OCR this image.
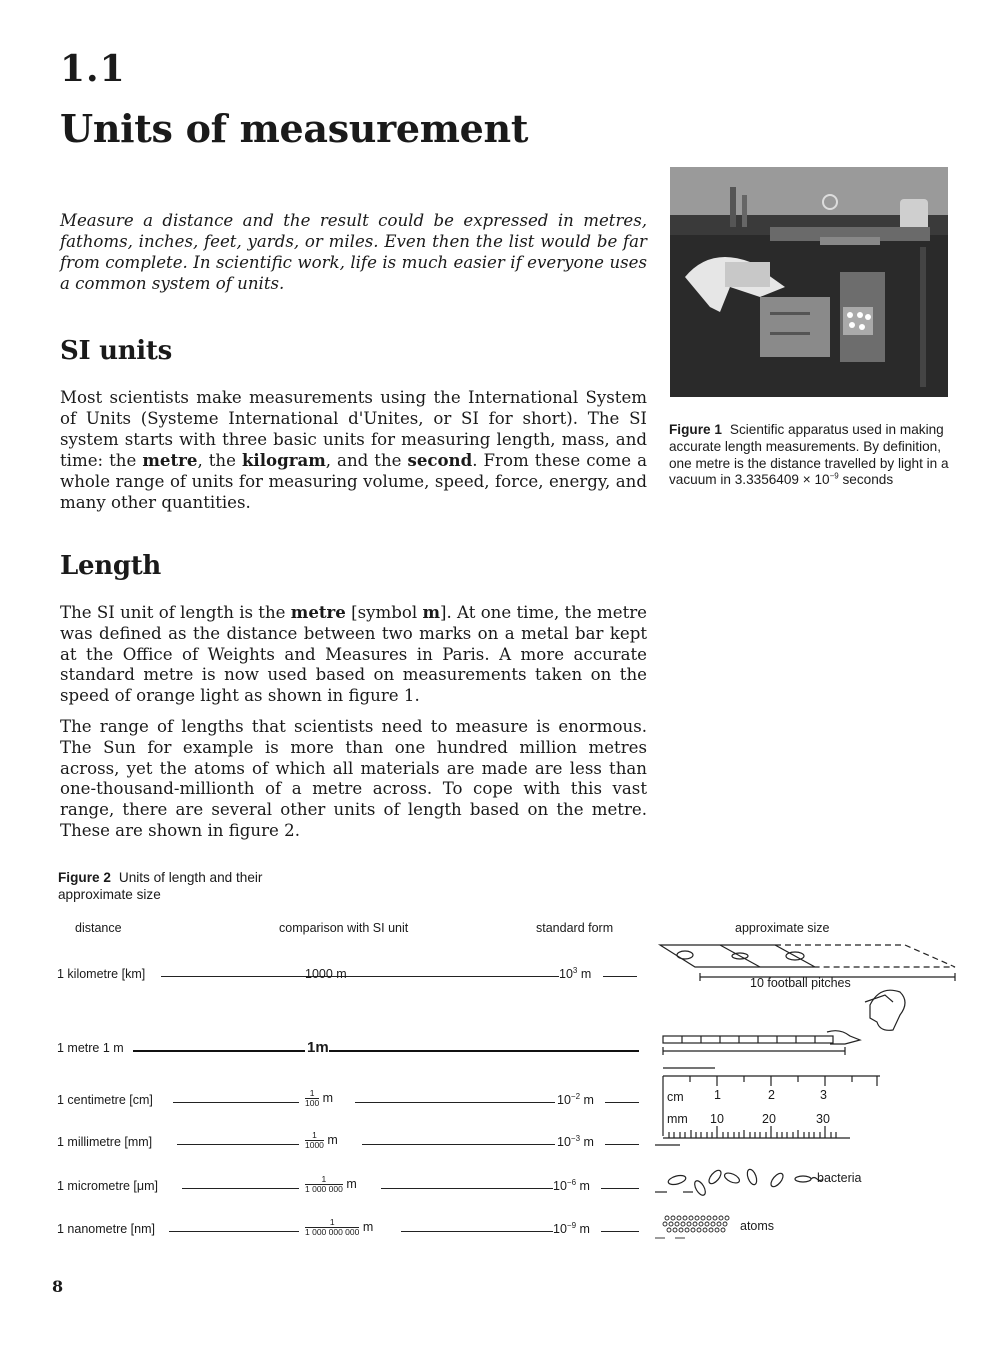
1.1
Units of measurement
Measure a distance and the result could be expressed in metres, fathoms, inches, feet, yards, or miles. Even then the list would be far from complete. In scientific work, life is much easier if everyone uses a common system of units.
SI units
Most scientists make measurements using the International System of Units (Systeme International d'Unites, or SI for short). The SI system starts with three basic units for measuring length, mass, and time: the metre, the kilogram, and the second. From these come a whole range of units for measuring volume, speed, force, energy, and many other quantities.
Length
The SI unit of length is the metre [symbol m]. At one time, the metre was defined as the distance between two marks on a metal bar kept at the Office of Weights and Measures in Paris. A more accurate standard metre is now used based on measurements taken on the speed of orange light as shown in figure 1.
The range of lengths that scientists need to measure is enormous. The Sun for example is more than one hundred million metres across, yet the atoms of which all materials are made are less than one-thousand-millionth of a metre across. To cope with this vast range, there are several other units of length based on the metre. These are shown in figure 2.
Figure 1 Scientific apparatus used in making accurate length measurements. By definition, one metre is the distance travelled by light in a vacuum in $3.3356409 \times 10^{-9}$ seconds
Figure 2 Units of length and their approximate size
distance	comparison with SI unit	standard form	approximate size
1 kilometre [km]	1000 m	$10^3$ m
1 metre 1 m	1m
1 centimetre [cm]	$\frac{1}{100}$ m	$10^{-2}$ m
1 millimetre [mm]	$\frac{1}{1000}$ m	$10^{-3}$ m
1 micrometre [μm]	$\frac{1}{1 000 000}$ m	$10^{-6}$ m
1 nanometre [nm]	$\frac{1}{1 000 000 000}$ m	$10^{-9}$ m
10 football pitches
cm 1	2	3
mm 10	20	30
bacteria
atoms
8
